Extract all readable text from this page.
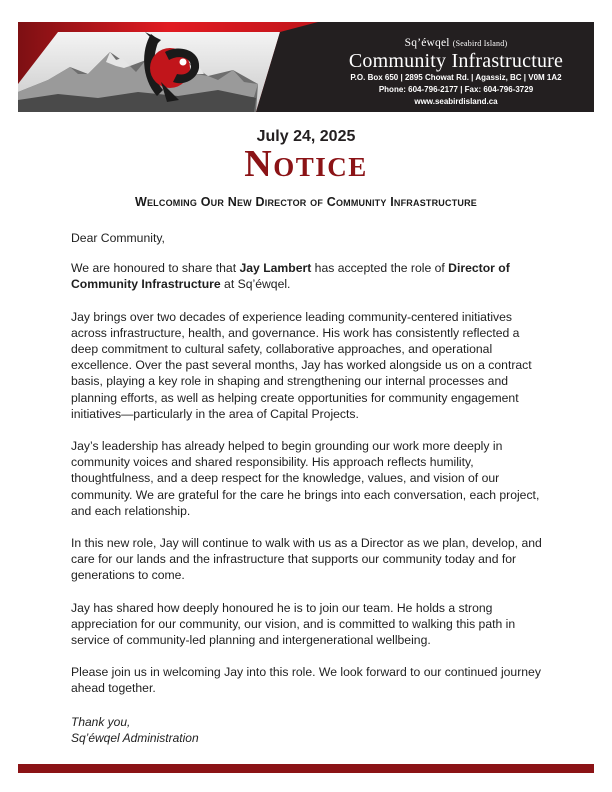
Sq’éwqel (Seabird Island)
Community Infrastructure
P.O. Box 650 | 2895 Chowat Rd. | Agassiz, BC | V0M 1A2
Phone: 604-796-2177 | Fax: 604-796-3729
www.seabirdisland.ca
July 24, 2025
Notice
Welcoming Our New Director of Community Infrastructure

Dear Community,

We are honoured to share that Jay Lambert has accepted the role of Director of Community Infrastructure at Sq’éwqel.

Jay brings over two decades of experience leading community-centered initiatives across infrastructure, health, and governance. His work has consistently reflected a deep commitment to cultural safety, collaborative approaches, and operational excellence. Over the past several months, Jay has worked alongside us on a contract basis, playing a key role in shaping and strengthening our internal processes and planning efforts, as well as helping create opportunities for community engagement initiatives—particularly in the area of Capital Projects.

Jay’s leadership has already helped to begin grounding our work more deeply in community voices and shared responsibility. His approach reflects humility, thoughtfulness, and a deep respect for the knowledge, values, and vision of our community. We are grateful for the care he brings into each conversation, each project, and each relationship.

In this new role, Jay will continue to walk with us as a Director as we plan, develop, and care for our lands and the infrastructure that supports our community today and for generations to come.

Jay has shared how deeply honoured he is to join our team. He holds a strong appreciation for our community, our vision, and is committed to walking this path in service of community-led planning and intergenerational wellbeing.

Please join us in welcoming Jay into this role. We look forward to our continued journey ahead together.

Thank you,
Sq’éwqel Administration
